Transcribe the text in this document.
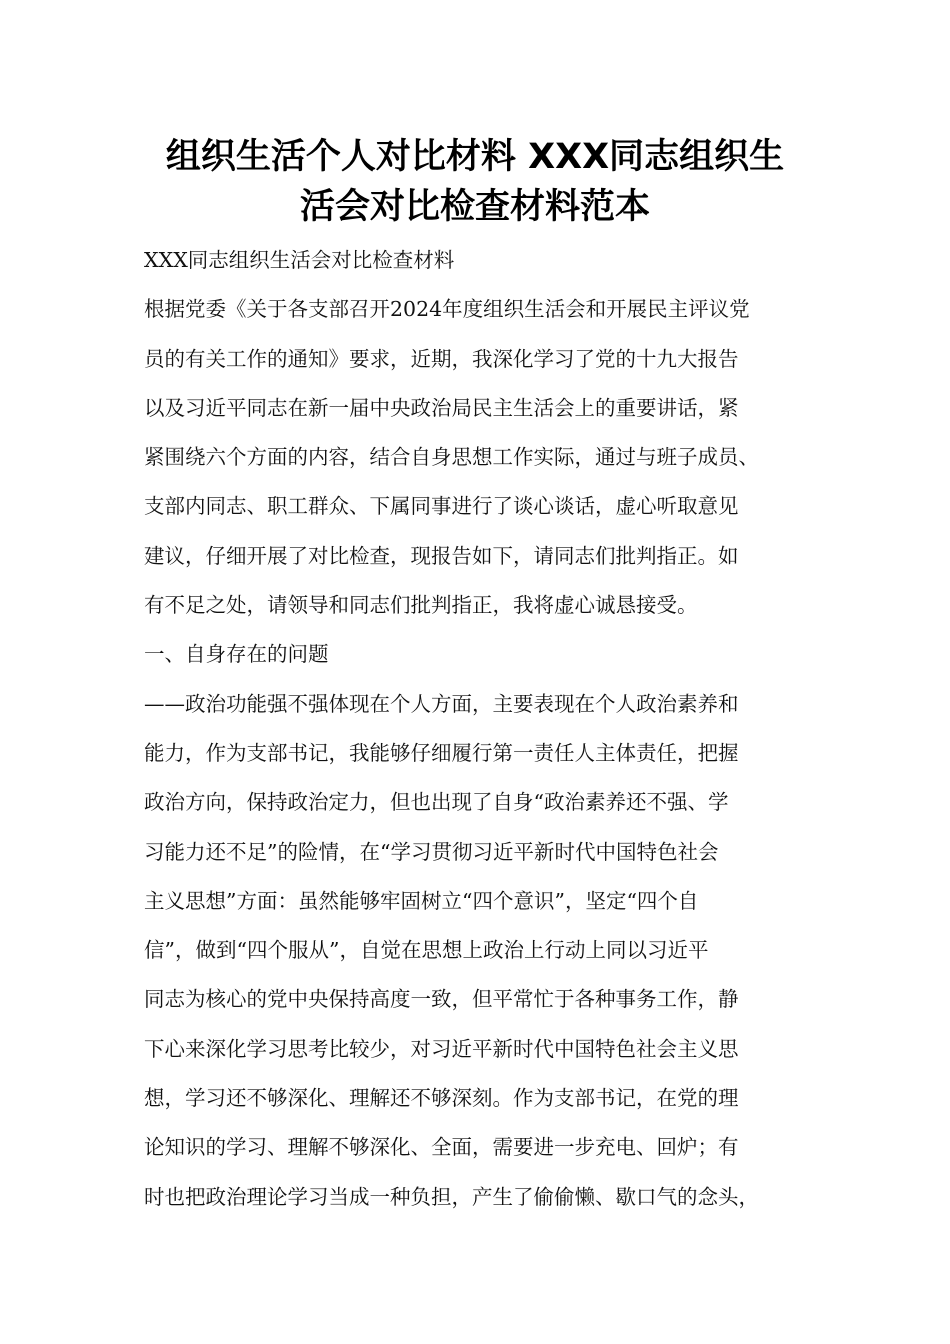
组织生活个人对比材料 XXX同志组织生
活会对比检查材料范本

XXX同志组织生活会对比检查材料

根据党委《关于各支部召开2024年度组织生活会和开展民主评议党
员的有关工作的通知》要求，近期，我深化学习了党的十九大报告
以及习近平同志在新一届中央政治局民主生活会上的重要讲话，紧
紧围绕六个方面的内容，结合自身思想工作实际，通过与班子成员、
支部内同志、职工群众、下属同事进行了谈心谈话，虚心听取意见
建议，仔细开展了对比检查，现报告如下，请同志们批判指正。如
有不足之处，请领导和同志们批判指正，我将虚心诚恳接受。

一、自身存在的问题

——政治功能强不强体现在个人方面，主要表现在个人政治素养和
能力，作为支部书记，我能够仔细履行第一责任人主体责任，把握
政治方向，保持政治定力，但也出现了自身“政治素养还不强、学
习能力还不足”的险情，在“学习贯彻习近平新时代中国特色社会
主义思想”方面：虽然能够牢固树立“四个意识”，坚定“四个自
信”，做到“四个服从”，自觉在思想上政治上行动上同以习近平
同志为核心的党中央保持高度一致，但平常忙于各种事务工作，静
下心来深化学习思考比较少，对习近平新时代中国特色社会主义思
想，学习还不够深化、理解还不够深刻。作为支部书记，在党的理
论知识的学习、理解不够深化、全面，需要进一步充电、回炉；有
时也把政治理论学习当成一种负担，产生了偷偷懒、歇口气的念头，
